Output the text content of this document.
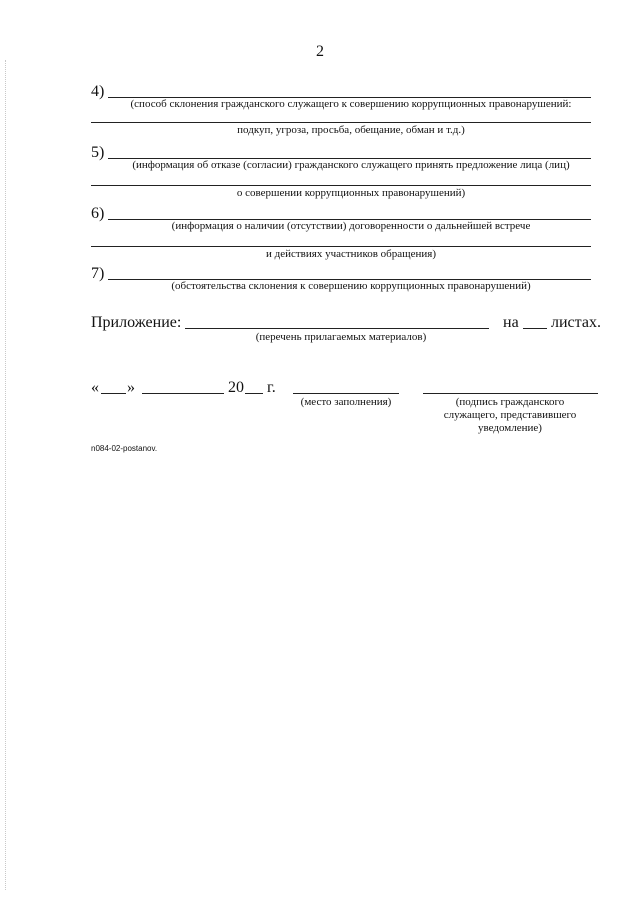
2
4)
(способ склонения гражданского служащего к совершению коррупционных правонарушений:
подкуп, угроза, просьба, обещание, обман и т.д.)
5)
(информация об отказе (согласии) гражданского служащего принять предложение лица (лиц)
о совершении коррупционных правонарушений)
6)
(информация о наличии (отсутствии) договоренности о дальнейшей встрече
и действиях участников обращения)
7)
(обстоятельства склонения к совершению коррупционных правонарушений)
Приложение:	на листах.
(перечень прилагаемых материалов)
« »	20 г.
(место заполнения)	(подпись гражданского
служащего, представившего
уведомление)
n084-02-postanov.
